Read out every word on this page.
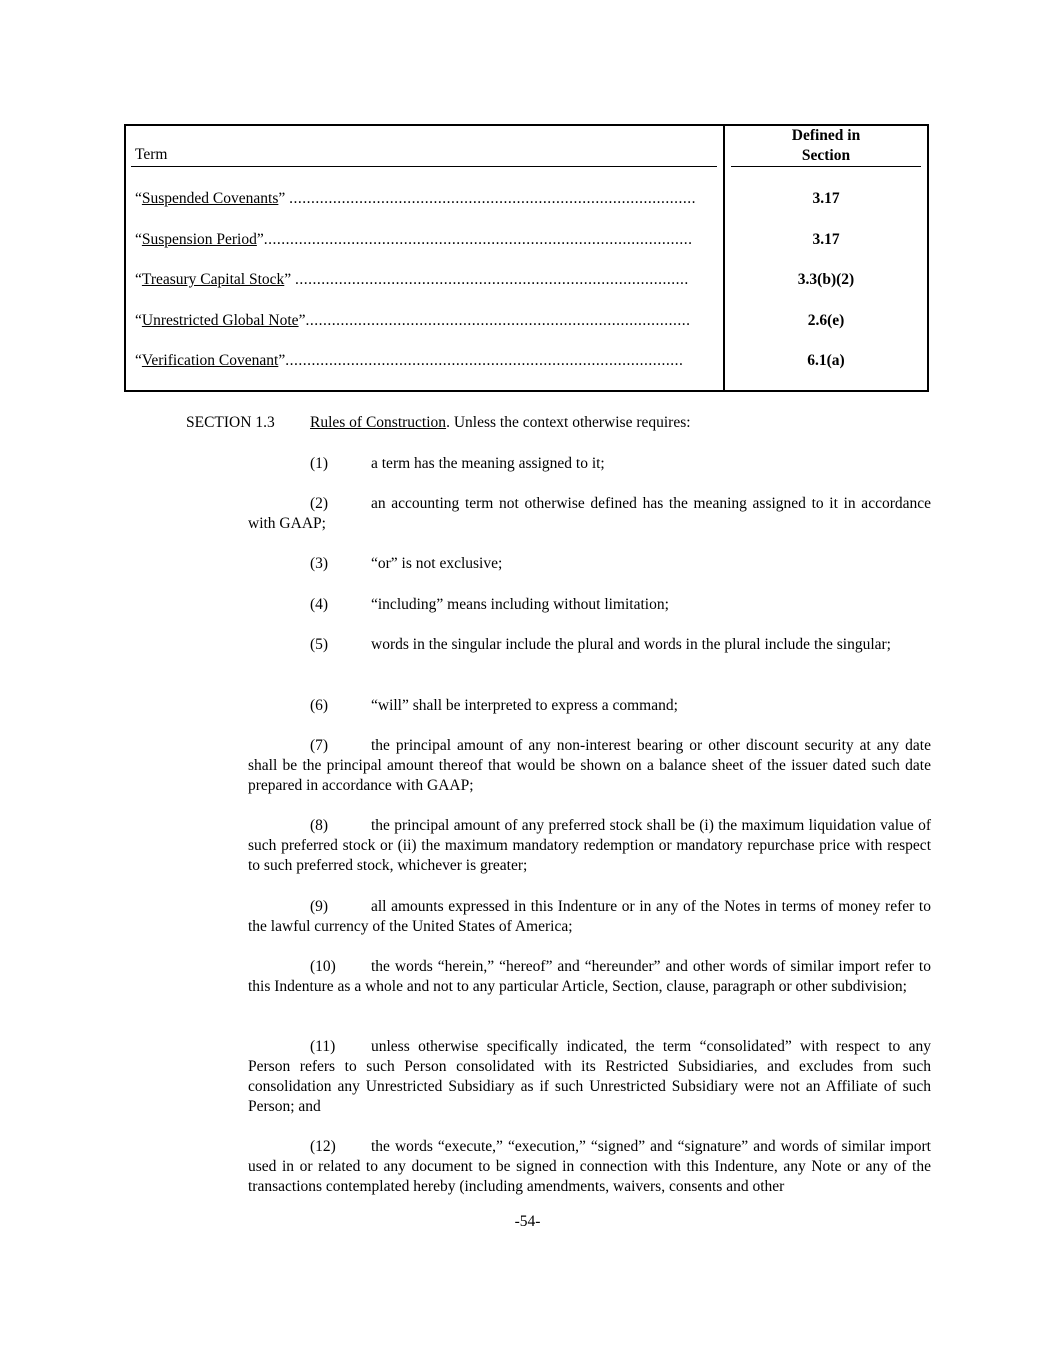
Term
Defined in
Section
“Suspended Covenants” .............................................................................................	3.17
“Suspension Period”..................................................................................................	3.17
“Treasury Capital Stock” ..........................................................................................	3.3(b)(2)
“Unrestricted Global Note”........................................................................................	2.6(e)
“Verification Covenant”...........................................................................................	6.1(a)
SECTION 1.3 Rules of Construction. Unless the context otherwise requires:
(1)	a term has the meaning assigned to it;
(2)	an accounting term not otherwise defined has the meaning assigned to it in accordance with GAAP;
(3)	“or” is not exclusive;
(4)	“including” means including without limitation;
(5)	words in the singular include the plural and words in the plural include the singular;
(6)	“will” shall be interpreted to express a command;
(7)	the principal amount of any non-interest bearing or other discount security at any date shall be the principal amount thereof that would be shown on a balance sheet of the issuer dated such date prepared in accordance with GAAP;
(8)	the principal amount of any preferred stock shall be (i) the maximum liquidation value of such preferred stock or (ii) the maximum mandatory redemption or mandatory repurchase price with respect to such preferred stock, whichever is greater;
(9)	all amounts expressed in this Indenture or in any of the Notes in terms of money refer to the lawful currency of the United States of America;
(10) the words “herein,” “hereof” and “hereunder” and other words of similar import refer to this Indenture as a whole and not to any particular Article, Section, clause, paragraph or other subdivision;
(11) unless otherwise specifically indicated, the term “consolidated” with respect to any Person refers to such Person consolidated with its Restricted Subsidiaries, and excludes from such consolidation any Unrestricted Subsidiary as if such Unrestricted Subsidiary were not an Affiliate of such Person; and
(12) the words “execute,” “execution,” “signed” and “signature” and words of similar import used in or related to any document to be signed in connection with this Indenture, any Note or any of the transactions contemplated hereby (including amendments, waivers, consents and other
-54-
